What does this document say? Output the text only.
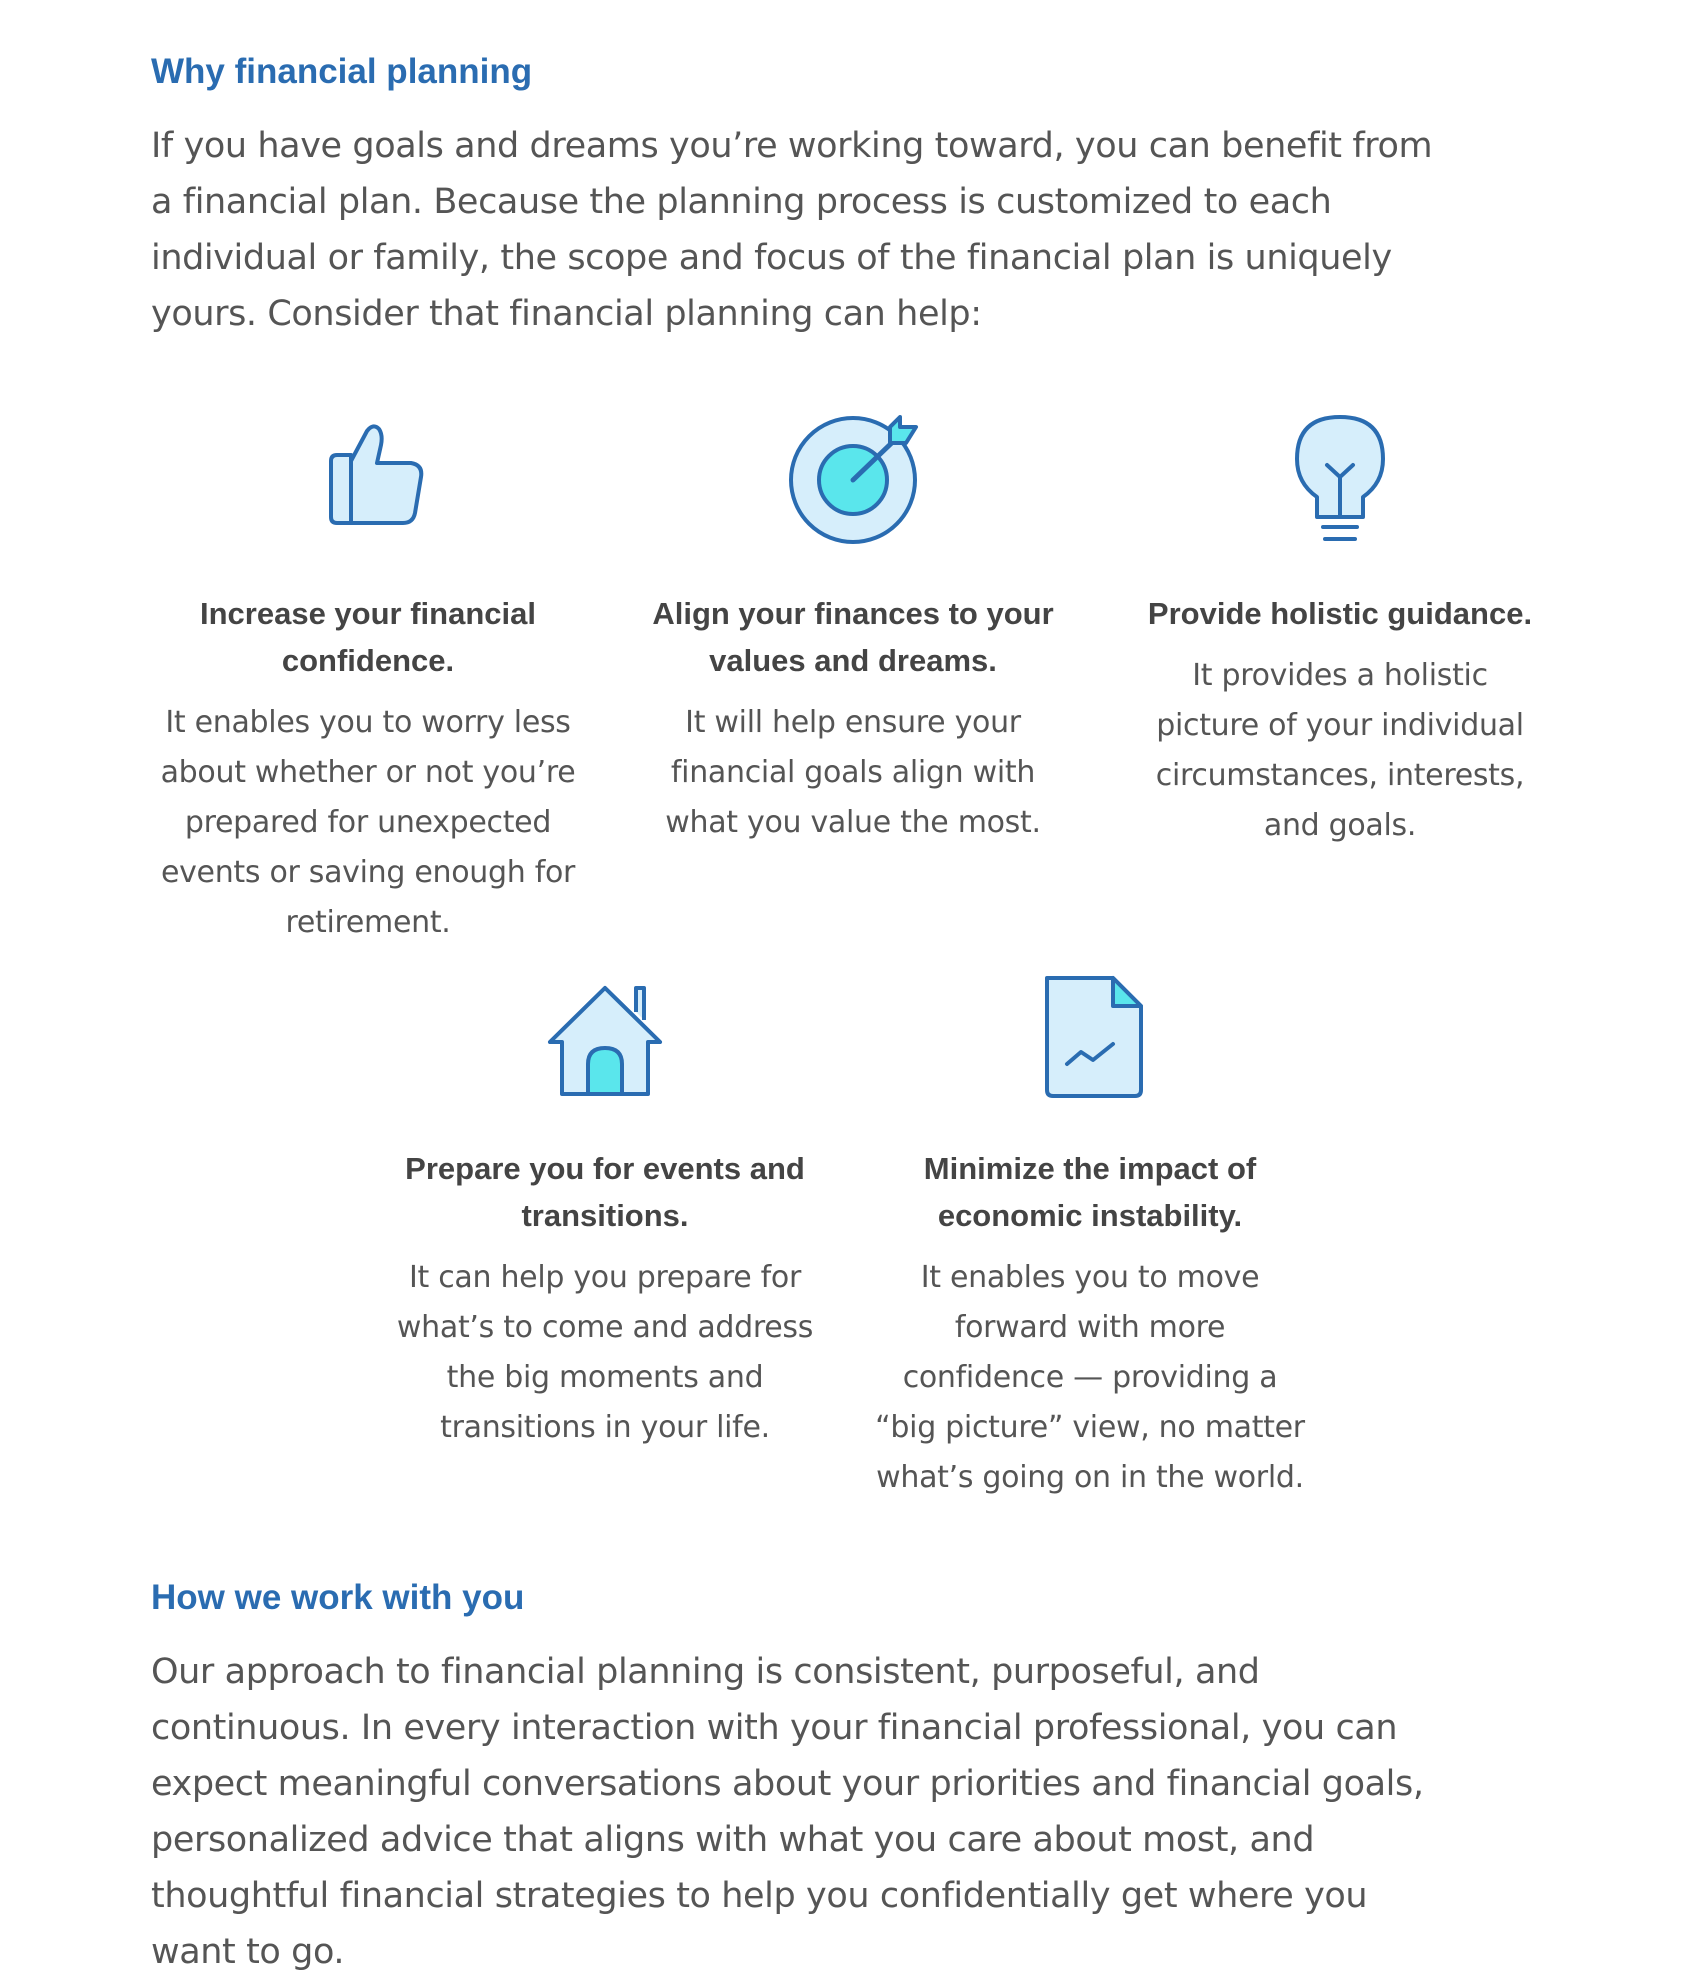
Why financial planning

If you have goals and dreams you’re working toward, you can benefit from a financial plan. Because the planning process is customized to each individual or family, the scope and focus of the financial plan is uniquely yours. Consider that financial planning can help:

Increase your financial confidence.

It enables you to worry less about whether or not you’re prepared for unexpected events or saving enough for retirement.

Align your finances to your values and dreams.

It will help ensure your financial goals align with what you value the most.

Provide holistic guidance.

It provides a holistic picture of your individual circumstances, interests, and goals.

Prepare you for events and transitions.

It can help you prepare for what’s to come and address the big moments and transitions in your life.

Minimize the impact of economic instability.

It enables you to move forward with more confidence — providing a “big picture” view, no matter what’s going on in the world.

How we work with you

Our approach to financial planning is consistent, purposeful, and continuous. In every interaction with your financial professional, you can expect meaningful conversations about your priorities and financial goals, personalized advice that aligns with what you care about most, and thoughtful financial strategies to help you confidentially get where you want to go.
